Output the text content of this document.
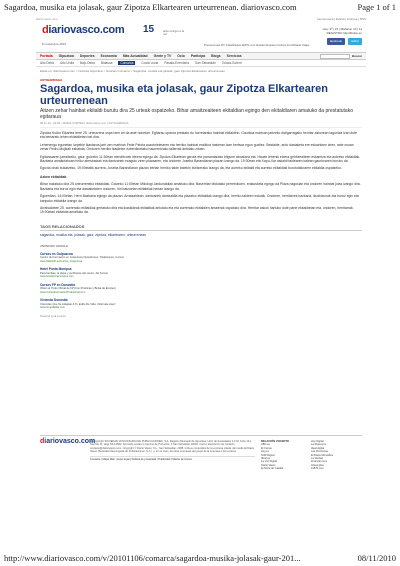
Sagardoa, musika eta jolasak, gaur Zipotza Elkartearen urteurrenean. diariovasco.com	Page 1 of 1
diariovasco.com	Hemeroteca | Edición impresa | RSS
diariovasco.com
8 noviembre 2010
15	años contigo en la red
Hoy: 9º | 15 | Mañana: 10 | 11
REGISTRO Identifícate en
facebook	twitter
Promociones DV Clasificados 11870.com Hoteles Empleo Coches Inmobiliaria Viajes
Portada Gipuzkoa Deportes Economía Más Actualidad Gente y TV Ocio Participa Blogs Servicios	Buscar
Alto Deba Alto Urola Bajo Deba Bidasoa	Comarca	Costa Urola Pasaia-Errenteria San Sebastián Tolosa-Goierri
Estás en: diariovasco.com > Noticias Gipuzkoa > Noticias Comarca > Sagardoa, musika eta jolasak, gaur Zipotza Elkartearen urteurrenean
ASTIGARRAGA
Sagardoa, musika eta jolasak, gaur Zipotza Elkartearen urteurrenean
Aitzen zehar hainbat ekitaldi burutu dira 25 urteak ospatzeko. Bihar amaitzeaiteen ekitaldian egingo den ekitaldiaren amaiuko da prestatutako egitaraua
06.11.10 - 02:36 - MARIA CORTES | diariovasco.com | ASTIGARRAGA

Zipotza Kultur Elkartea bere 25. urteurrena ospa tzen ari da aste honetan. Egitarau oparoa prestatu du horretarako hainbat ekitaldirin. Gaurkoa martxan jartzeko Astigarragako herritar askorean laguntza izan dute eta bertaratu lehen ekitaldietan bat dira.

Lehenengo egunetan lurpekie ikastaroa jarri zen martxan Fede Pelota auzotoleietaren eta herriko hainbat eraikina hasieran izan bertsoa egun guztiez. Bestalde, ardo dastaketa ere eskaintzen ziren, aste osoan zehar Pedro Mujikak eskatuta. Ondoren herriko ikastetxe ezberdinetako haurrentzako tailerrak antolatu zituen.

Egitarauaren jarraitzeko, gaur, goizeko 11:30ean menditxoek irteera egingo da. Zipotza Elkartean gerota eta parrandarako bilgune aboatzea eta. Hauek lehenik etxera gehitzeaiteen eskaintza eta antzeko ekitaldiak. Bazkaria amaitutakoan hiriko abesbatzak eta dantzariek ezagutu ziren plazaaren, eta ondoren Joseba Barandiaran plazan izango da. 19:30ean eta Xapu-Xar askaldi taldearen kalean gaurkoaren buruko da.

Egunia onak bukatzeko, 19:00etatik aurrera, Joseba Barandiaran plazan bertan herriko talde batekin bizitzerako izango da, eta aurreko ekitaldi eta aurreko ekitaldiak burututakoaren ekitaldia ospatzeko.

Azken ekitaldiak

Bihar bukatuko dira 25.urteurreneko ekitaldiak. Goizeko 11:00etan Mikologi Jardunaldiak amaituko dira. Baserritar bildutako perretxikoen, erakusketa egingo da Plaza nagusian eta ondoren hainbat jolas izango dira. Bazkaria eta buruz egin eta dastaketaren ondoren, hiri batzuetan ekitaldiak bertan izango da.

Eguerdian, 14:00etan, Herri Bazkaria egingo da plazan. Arratsaldean, dantzariek dantzaldia eta plazatxo ekitaldiak izango dira, herriko taldeen eskutik. Ondoren, herritarrek bazkaria, ikuskizunak eta buruz egin eta kanpoko ekitaldia izango da.

Arratsaldeen 25. aurrerako ekitaldiak gertatuko dira eta ikaskideak ekitaldiak antolatu eta eta aurrerako ekitaldien amaierak ospatuko dira. Herritar askok hartuko dute parte ekitaldietan eta, ondoren, herritarrak, 19:00etan ekitaldia amaituko da.

TAGS RELACIONADOS
sagardoa, musika eta, jolasak, gaur, zipotza, elkartearen, urteurrenean
ANUNCIOS GOOGLE
Cursos en Guipuzcoa
Centro de Formación en Guipuzcoa Oposiciones, Titulaciones, Cursos
www.MasterD.es/Cursos_Guipuzcoa
Hotel Ponta Monipus
Para familias, la playa y purificarse del centro, del Kursal
www.hotelpontamonipus.com
Cursos FP en Donostia
Obtén el Título Oficial de FP.(Con Prácticas y Bolsa de Empleo)
www.CursosFormacionProfesional.com
Vivienda Donostia
Viviendas Que Se Adaptan A Tu Estilo De Vida. Infórmate Aquí!
www.GrupoEibar.com
Powered by ■ vocento
diariovasco.com
© Copyright SOCIEDAD VASCONGADA DE PUBLICACIONES, S.A. Registro Mercantil de Gipuzkoa, Libro de Sociedades 1-1ºM, Folio 141, Sección 8ª, Hoja SS-14582. Domicilio social en Camino de Portuetxe, 2 San Sebastián 20018. Correo electrónico de contacto: contacto@diariovasco.com. Copyright © Diario Vasco, S.L., San Sebastián, 2008. Incluye contenidos de la empresa citada, del medio El Diario Vasco (Sociedad Vascongada de Publicaciones, S.A.), y, en su caso, de otras empresas del grupo de la empresa o de terceros.
Contacte | Mapa Web | Aviso legal | Política de privacidad | Publicidad | Master El Correo
RELACIÓN VOCENTO
ABC.es
El Correo
Hoy.es
SUR Digital
Ideal.es
La Voz Digital
Diario Vasco
El Norte de Castilla
Hoy Digital
La Rioja.com
Ideal digital
Las Provincias
El Diario Montañés
La Verdad
Finanzas.com
Infoempleo
11870.com
http://www.diariovasco.com/v/20101106/comarca/sagardoa-musika-jolasak-gaur-201...	08/11/2010
